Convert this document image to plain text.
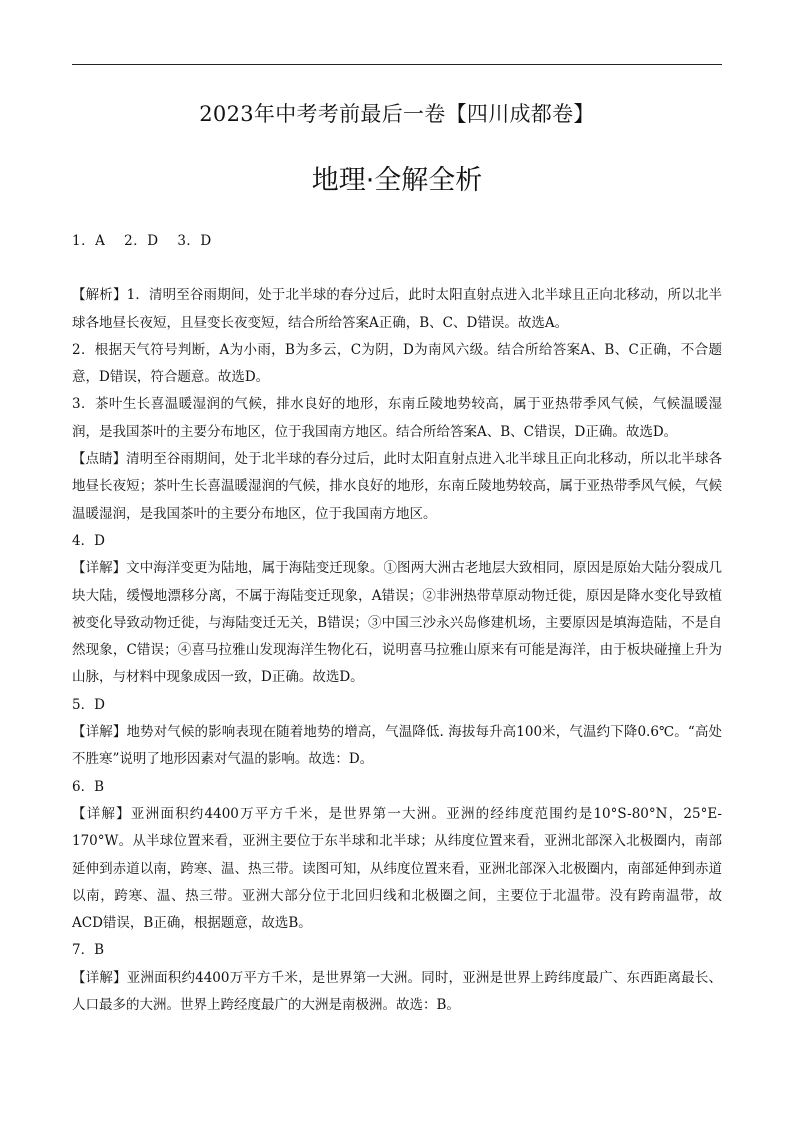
2023年中考考前最后一卷【四川成都卷】
地理·全解全析

1．A　 2．D　 3．D

【解析】1．清明至谷雨期间，处于北半球的春分过后，此时太阳直射点进入北半球且正向北移动，所以北半球各地昼长夜短，且昼变长夜变短，结合所给答案A正确，B、C、D错误。故选A。

2．根据天气符号判断，A为小雨，B为多云，C为阴，D为南风六级。结合所给答案A、B、C正确，不合题意，D错误，符合题意。故选D。

3．茶叶生长喜温暖湿润的气候，排水良好的地形，东南丘陵地势较高，属于亚热带季风气候，气候温暖湿润，是我国茶叶的主要分布地区，位于我国南方地区。结合所给答案A、B、C错误，D正确。故选D。

【点睛】清明至谷雨期间，处于北半球的春分过后，此时太阳直射点进入北半球且正向北移动，所以北半球各地昼长夜短；茶叶生长喜温暖湿润的气候，排水良好的地形，东南丘陵地势较高，属于亚热带季风气候，气候温暖湿润，是我国茶叶的主要分布地区，位于我国南方地区。

4．D

【详解】文中海洋变更为陆地，属于海陆变迁现象。①图两大洲古老地层大致相同，原因是原始大陆分裂成几块大陆，缓慢地漂移分离，不属于海陆变迁现象，A错误；②非洲热带草原动物迁徙，原因是降水变化导致植被变化导致动物迁徙，与海陆变迁无关，B错误；③中国三沙永兴岛修建机场，主要原因是填海造陆，不是自然现象，C错误；④喜马拉雅山发现海洋生物化石，说明喜马拉雅山原来有可能是海洋，由于板块碰撞上升为山脉，与材料中现象成因一致，D正确。故选D。

5．D

【详解】地势对气候的影响表现在随着地势的增高，气温降低. 海拔每升高100米，气温约下降0.6℃。“高处不胜寒”说明了地形因素对气温的影响。故选：D。

6．B

【详解】亚洲面积约4400万平方千米，是世界第一大洲。亚洲的经纬度范围约是10°S-80°N，25°E-170°W。从半球位置来看，亚洲主要位于东半球和北半球；从纬度位置来看，亚洲北部深入北极圈内，南部延伸到赤道以南，跨寒、温、热三带。读图可知，从纬度位置来看，亚洲北部深入北极圈内，南部延伸到赤道以南，跨寒、温、热三带。亚洲大部分位于北回归线和北极圈之间，主要位于北温带。没有跨南温带，故ACD错误，B正确，根据题意，故选B。

7．B

【详解】亚洲面积约4400万平方千米，是世界第一大洲。同时，亚洲是世界上跨纬度最广、东西距离最长、人口最多的大洲。世界上跨经度最广的大洲是南极洲。故选：B。
